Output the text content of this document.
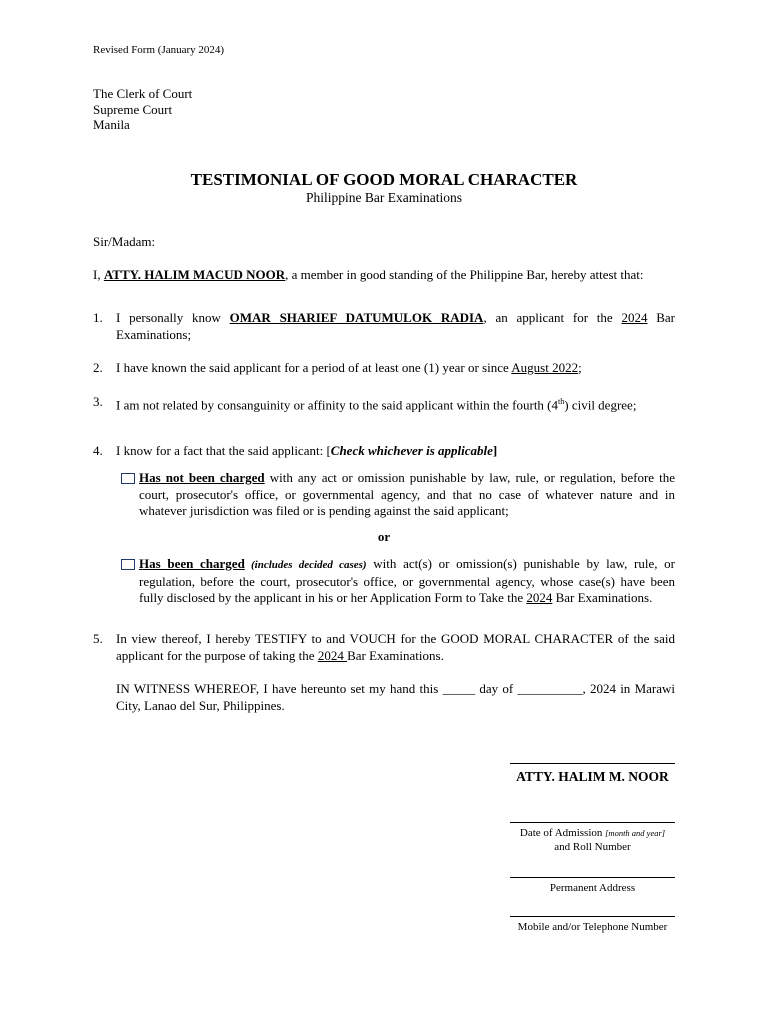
Revised Form (January 2024)
The Clerk of Court
Supreme Court
Manila
TESTIMONIAL OF GOOD MORAL CHARACTER
Philippine Bar Examinations
Sir/Madam:
I, ATTY. HALIM MACUD NOOR, a member in good standing of the Philippine Bar, hereby attest that:
1. I personally know OMAR SHARIEF DATUMULOK RADIA, an applicant for the 2024 Bar Examinations;
2. I have known the said applicant for a period of at least one (1) year or since August 2022;
3. I am not related by consanguinity or affinity to the said applicant within the fourth (4th) civil degree;
4. I know for a fact that the said applicant: [Check whichever is applicable]
Has not been charged with any act or omission punishable by law, rule, or regulation, before the court, prosecutor's office, or governmental agency, and that no case of whatever nature and in whatever jurisdiction was filed or is pending against the said applicant;
or
Has been charged (includes decided cases) with act(s) or omission(s) punishable by law, rule, or regulation, before the court, prosecutor's office, or governmental agency, whose case(s) have been fully disclosed by the applicant in his or her Application Form to Take the 2024 Bar Examinations.
5. In view thereof, I hereby TESTIFY to and VOUCH for the GOOD MORAL CHARACTER of the said applicant for the purpose of taking the 2024 Bar Examinations.
IN WITNESS WHEREOF, I have hereunto set my hand this _____ day of __________, 2024 in Marawi City, Lanao del Sur, Philippines.
ATTY. HALIM M. NOOR
Date of Admission [month and year]
and Roll Number
Permanent Address
Mobile and/or Telephone Number
